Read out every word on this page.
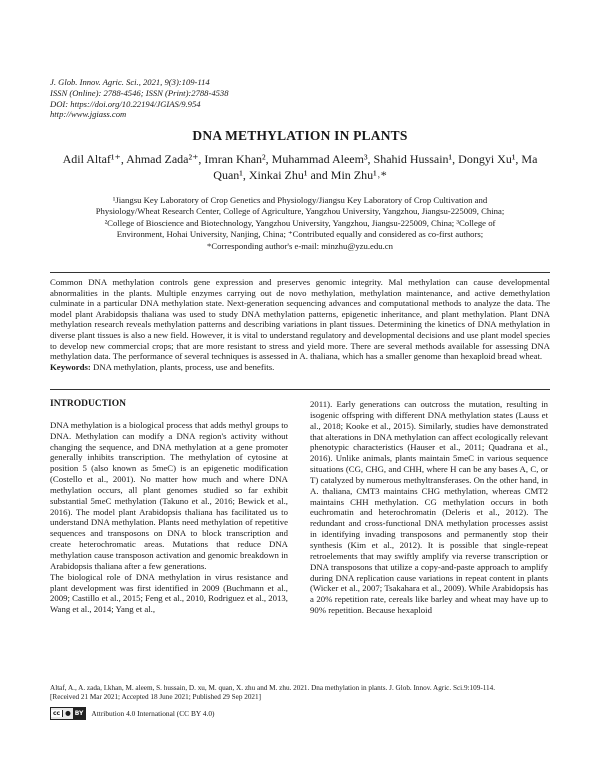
J. Glob. Innov. Agric. Sci., 2021, 9(3):109-114
ISSN (Online): 2788-4546; ISSN (Print):2788-4538
DOI: https://doi.org/10.22194/JGIAS/9.954
http://www.jgiass.com
DNA METHYLATION IN PLANTS
Adil Altaf¹⁺, Ahmad Zada²⁺, Imran Khan², Muhammad Aleem³, Shahid Hussain¹, Dongyi Xu¹, Ma
Quan¹, Xinkai Zhu¹ and Min Zhu¹˒*
¹Jiangsu Key Laboratory of Crop Genetics and Physiology/Jiangsu Key Laboratory of Crop Cultivation and
Physiology/Wheat Research Center, College of Agriculture, Yangzhou University, Yangzhou, Jiangsu-225009, China;
²College of Bioscience and Biotechnology, Yangzhou University, Yangzhou, Jiangsu-225009, China; ³College of
Environment, Hohai University, Nanjing, China; ⁺Contributed equally and considered as co-first authors;
*Corresponding author's e-mail: minzhu@yzu.edu.cn
Common DNA methylation controls gene expression and preserves genomic integrity. Mal methylation can cause developmental abnormalities in the plants. Multiple enzymes carrying out de novo methylation, methylation maintenance, and active demethylation culminate in a particular DNA methylation state. Next-generation sequencing advances and computational methods to analyze the data. The model plant Arabidopsis thaliana was used to study DNA methylation patterns, epigenetic inheritance, and plant methylation. Plant DNA methylation research reveals methylation patterns and describing variations in plant tissues. Determining the kinetics of DNA methylation in diverse plant tissues is also a new field. However, it is vital to understand regulatory and developmental decisions and use plant model species to develop new commercial crops; that are more resistant to stress and yield more. There are several methods available for assessing DNA methylation data. The performance of several techniques is assessed in A. thaliana, which has a smaller genome than hexaploid bread wheat.
Keywords: DNA methylation, plants, process, use and benefits.
INTRODUCTION

DNA methylation is a biological process that adds methyl groups to DNA. Methylation can modify a DNA region's activity without changing the sequence, and DNA methylation at a gene promoter generally inhibits transcription. The methylation of cytosine at position 5 (also known as 5meC) is an epigenetic modification (Costello et al., 2001). No matter how much and where DNA methylation occurs, all plant genomes studied so far exhibit substantial 5meC methylation (Takuno et al., 2016; Bewick et al., 2016). The model plant Arabidopsis thaliana has facilitated us to understand DNA methylation. Plants need methylation of repetitive sequences and transposons on DNA to block transcription and create heterochromatic areas. Mutations that reduce DNA methylation cause transposon activation and genomic breakdown in Arabidopsis thaliana after a few generations.

The biological role of DNA methylation in virus resistance and plant development was first identified in 2009 (Buchmann et al., 2009; Castillo et al., 2015; Feng et al., 2010, Rodriguez et al., 2013, Wang et al., 2014; Yang et al.,

2011). Early generations can outcross the mutation, resulting in isogenic offspring with different DNA methylation states (Lauss et al., 2018; Kooke et al., 2015). Similarly, studies have demonstrated that alterations in DNA methylation can affect ecologically relevant phenotypic characteristics (Hauser et al., 2011; Quadrana et al., 2016). Unlike animals, plants maintain 5meC in various sequence situations (CG, CHG, and CHH, where H can be any bases A, C, or T) catalyzed by numerous methyltransferases. On the other hand, in A. thaliana, CMT3 maintains CHG methylation, whereas CMT2 maintains CHH methylation. CG methylation occurs in both euchromatin and heterochromatin (Deleris et al., 2012). The redundant and cross-functional DNA methylation processes assist in identifying invading transposons and permanently stop their synthesis (Kim et al., 2012). It is possible that single-repeat retroelements that may swiftly amplify via reverse transcription or DNA transposons that utilize a copy-and-paste approach to amplify during DNA replication cause variations in repeat content in plants (Wicker et al., 2007; Tsakahara et al., 2009). While Arabidopsis has a 20% repetition rate, cereals like barley and wheat may have up to 90% repetition. Because hexaploid

Altaf, A., A. zada, I.khan, M. aleem, S. hussain, D. xu, M. quan, X. zhu and M. zhu. 2021. Dna methylation in plants. J. Glob. Innov. Agric. Sci.9:109-114.
[Received 21 Mar 2021; Accepted 18 June 2021; Published 29 Sep 2021]
cc ● BY Attribution 4.0 International (CC BY 4.0)
